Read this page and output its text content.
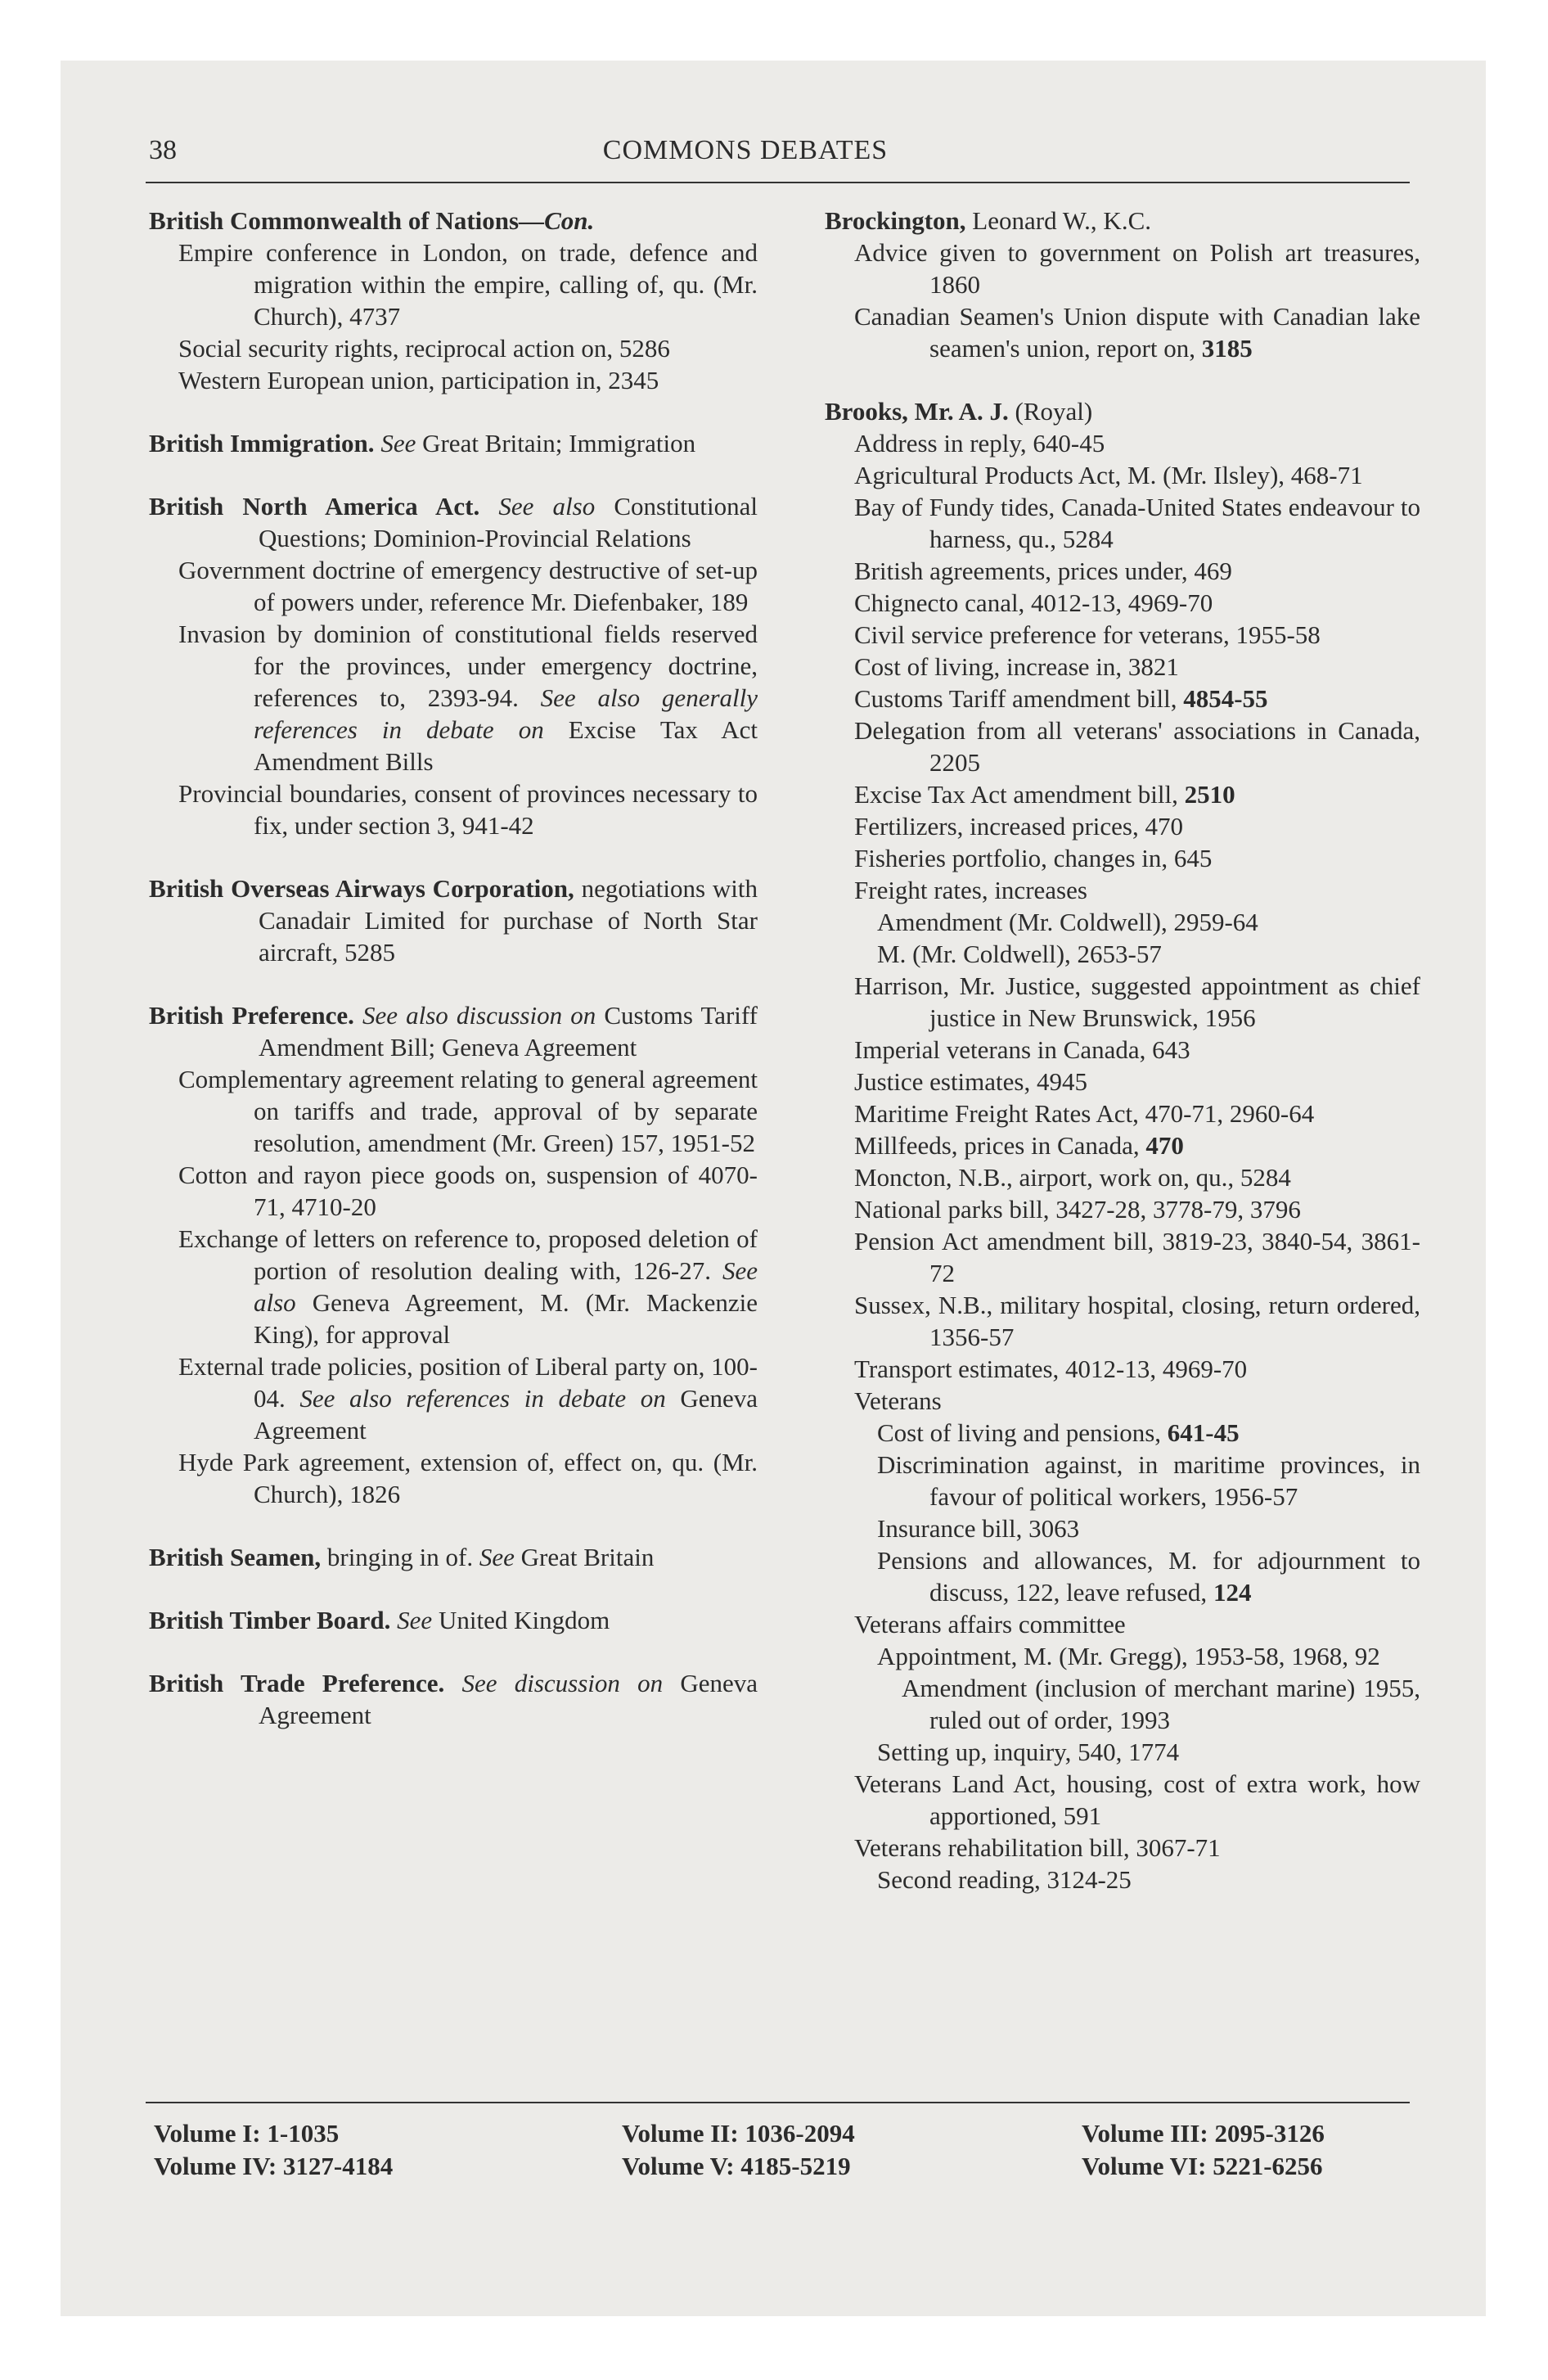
38	COMMONS DEBATES
British Commonwealth of Nations—Con.
Empire conference in London, on trade, defence and migration within the empire, calling of, qu. (Mr. Church), 4737
Social security rights, reciprocal action on, 5286
Western European union, participation in, 2345
British Immigration. See Great Britain; Immigration
British North America Act. See also Constitutional Questions; Dominion-Provincial Relations
Government doctrine of emergency destructive of set-up of powers under, reference Mr. Diefenbaker, 189
Invasion by dominion of constitutional fields reserved for the provinces, under emergency doctrine, references to, 2393-94. See also generally references in debate on Excise Tax Act Amendment Bills
Provincial boundaries, consent of provinces necessary to fix, under section 3, 941-42
British Overseas Airways Corporation, negotiations with Canadair Limited for purchase of North Star aircraft, 5285
British Preference. See also discussion on Customs Tariff Amendment Bill; Geneva Agreement
Complementary agreement relating to general agreement on tariffs and trade, approval of by separate resolution, amendment (Mr. Green) 157, 1951-52
Cotton and rayon piece goods on, suspension of 4070-71, 4710-20
Exchange of letters on reference to, proposed deletion of portion of resolution dealing with, 126-27. See also Geneva Agreement, M. (Mr. Mackenzie King), for approval
External trade policies, position of Liberal party on, 100-04. See also references in debate on Geneva Agreement
Hyde Park agreement, extension of, effect on, qu. (Mr. Church), 1826
British Seamen, bringing in of. See Great Britain
British Timber Board. See United Kingdom
British Trade Preference. See discussion on Geneva Agreement
Brockington, Leonard W., K.C.
Advice given to government on Polish art treasures, 1860
Canadian Seamen's Union dispute with Canadian lake seamen's union, report on, 3185
Brooks, Mr. A. J. (Royal)
Address in reply, 640-45
Agricultural Products Act, M. (Mr. Ilsley), 468-71
Bay of Fundy tides, Canada-United States endeavour to harness, qu., 5284
British agreements, prices under, 469
Chignecto canal, 4012-13, 4969-70
Civil service preference for veterans, 1955-58
Cost of living, increase in, 3821
Customs Tariff amendment bill, 4854-55
Delegation from all veterans' associations in Canada, 2205
Excise Tax Act amendment bill, 2510
Fertilizers, increased prices, 470
Fisheries portfolio, changes in, 645
Freight rates, increases
Amendment (Mr. Coldwell), 2959-64
M. (Mr. Coldwell), 2653-57
Harrison, Mr. Justice, suggested appointment as chief justice in New Brunswick, 1956
Imperial veterans in Canada, 643
Justice estimates, 4945
Maritime Freight Rates Act, 470-71, 2960-64
Millfeeds, prices in Canada, 470
Moncton, N.B., airport, work on, qu., 5284
National parks bill, 3427-28, 3778-79, 3796
Pension Act amendment bill, 3819-23, 3840-54, 3861-72
Sussex, N.B., military hospital, closing, return ordered, 1356-57
Transport estimates, 4012-13, 4969-70
Veterans
Cost of living and pensions, 641-45
Discrimination against, in maritime provinces, in favour of political workers, 1956-57
Insurance bill, 3063
Pensions and allowances, M. for adjournment to discuss, 122, leave refused, 124
Veterans affairs committee
Appointment, M. (Mr. Gregg), 1953-58, 1968, 92
Amendment (inclusion of merchant marine) 1955, ruled out of order, 1993
Setting up, inquiry, 540, 1774
Veterans Land Act, housing, cost of extra work, how apportioned, 591
Veterans rehabilitation bill, 3067-71
Second reading, 3124-25
Volume I: 1-1035
Volume IV: 3127-4184
Volume II: 1036-2094
Volume V: 4185-5219
Volume III: 2095-3126
Volume VI: 5221-6256
